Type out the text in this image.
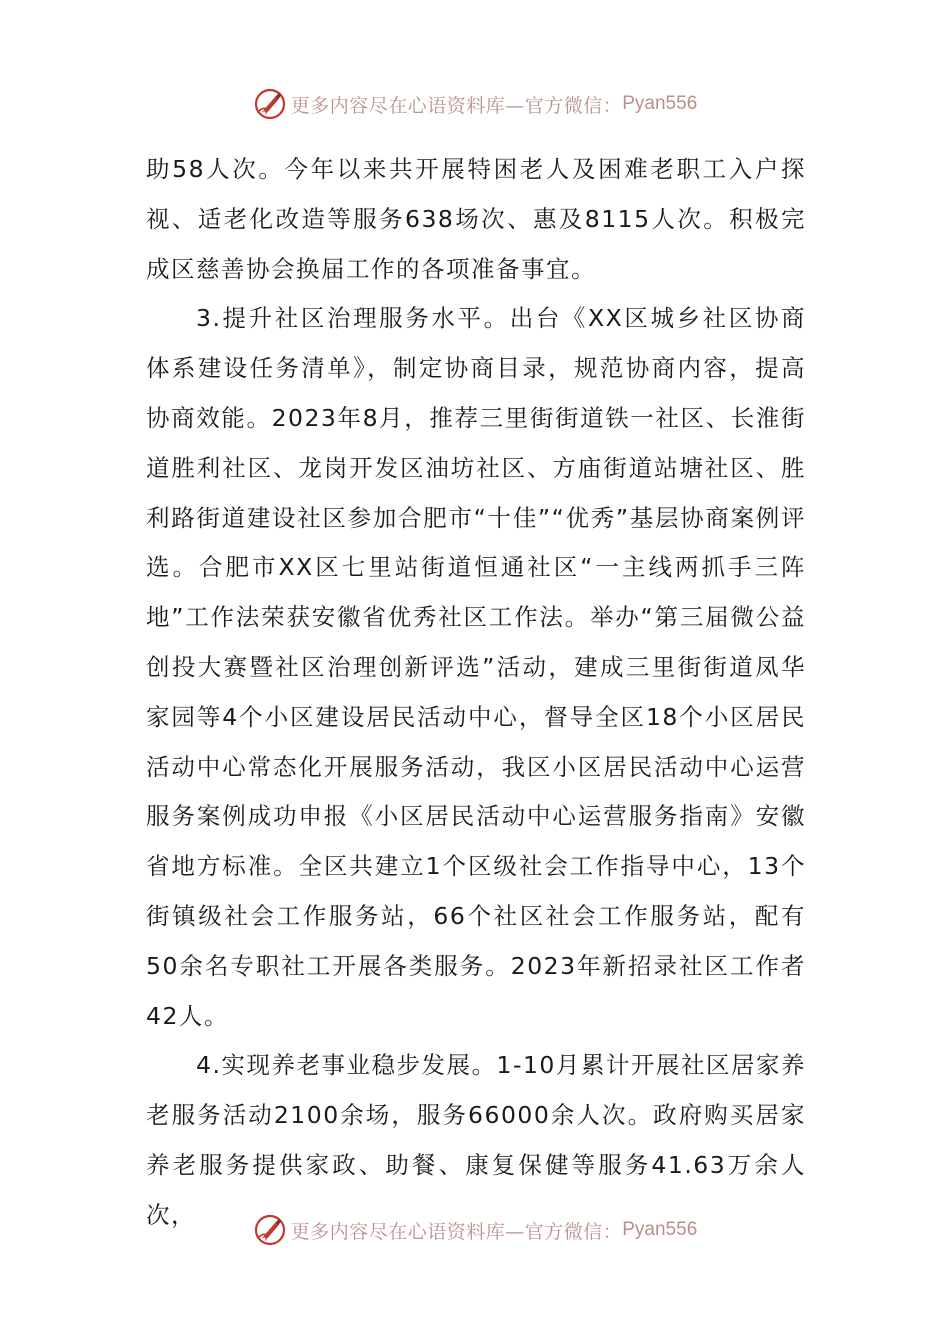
更多内容尽在心语资料库—官方微信： Pyan556

助58人次。今年以来共开展特困老人及困难老职工入户探视、适老化改造等服务638场次、惠及8115人次。积极完成区慈善协会换届工作的各项准备事宜。

3.提升社区治理服务水平。出台《XX区城乡社区协商体系建设任务清单》，制定协商目录，规范协商内容，提高协商效能。2023年8月，推荐三里街街道铁一社区、长淮街道胜利社区、龙岗开发区油坊社区、方庙街道站塘社区、胜利路街道建设社区参加合肥市“十佳”“优秀”基层协商案例评选。合肥市XX区七里站街道恒通社区“一主线两抓手三阵地”工作法荣获安徽省优秀社区工作法。举办“第三届微公益创投大赛暨社区治理创新评选”活动，建成三里街街道凤华家园等4个小区建设居民活动中心，督导全区18个小区居民活动中心常态化开展服务活动，我区小区居民活动中心运营服务案例成功申报《小区居民活动中心运营服务指南》安徽省地方标准。全区共建立1个区级社会工作指导中心，13个街镇级社会工作服务站，66个社区社会工作服务站，配有50余名专职社工开展各类服务。2023年新招录社区工作者42人。

4.实现养老事业稳步发展。1-10月累计开展社区居家养老服务活动2100余场，服务66000余人次。政府购买居家养老服务提供家政、助餐、康复保健等服务41.63万余人次，

更多内容尽在心语资料库—官方微信： Pyan556
